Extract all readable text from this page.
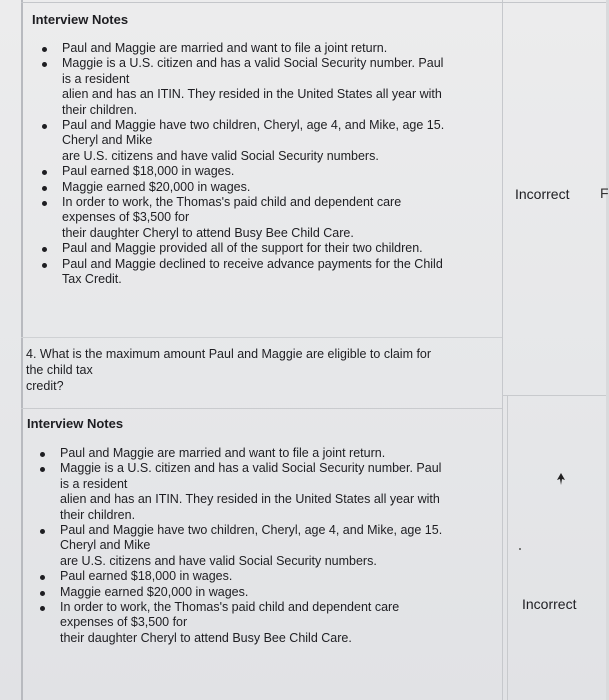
Interview Notes
Paul and Maggie are married and want to file a joint return.
Maggie is a U.S. citizen and has a valid Social Security number. Paul
is a resident
alien and has an ITIN. They resided in the United States all year with
their children.
Paul and Maggie have two children, Cheryl, age 4, and Mike, age 15.
Cheryl and Mike
are U.S. citizens and have valid Social Security numbers.
Paul earned $18,000 in wages.
Maggie earned $20,000 in wages.
In order to work, the Thomas's paid child and dependent care
expenses of $3,500 for
their daughter Cheryl to attend Busy Bee Child Care.
Paul and Maggie provided all of the support for their two children.
Paul and Maggie declined to receive advance payments for the Child
Tax Credit.
Incorrect F
4. What is the maximum amount Paul and Maggie are eligible to claim for
the child tax
credit?
Interview Notes
Paul and Maggie are married and want to file a joint return.
Maggie is a U.S. citizen and has a valid Social Security number. Paul
is a resident
alien and has an ITIN. They resided in the United States all year with
their children.
Paul and Maggie have two children, Cheryl, age 4, and Mike, age 15.
Cheryl and Mike
are U.S. citizens and have valid Social Security numbers.
Paul earned $18,000 in wages.
Maggie earned $20,000 in wages.
In order to work, the Thomas's paid child and dependent care
expenses of $3,500 for
their daughter Cheryl to attend Busy Bee Child Care.
Incorrect
